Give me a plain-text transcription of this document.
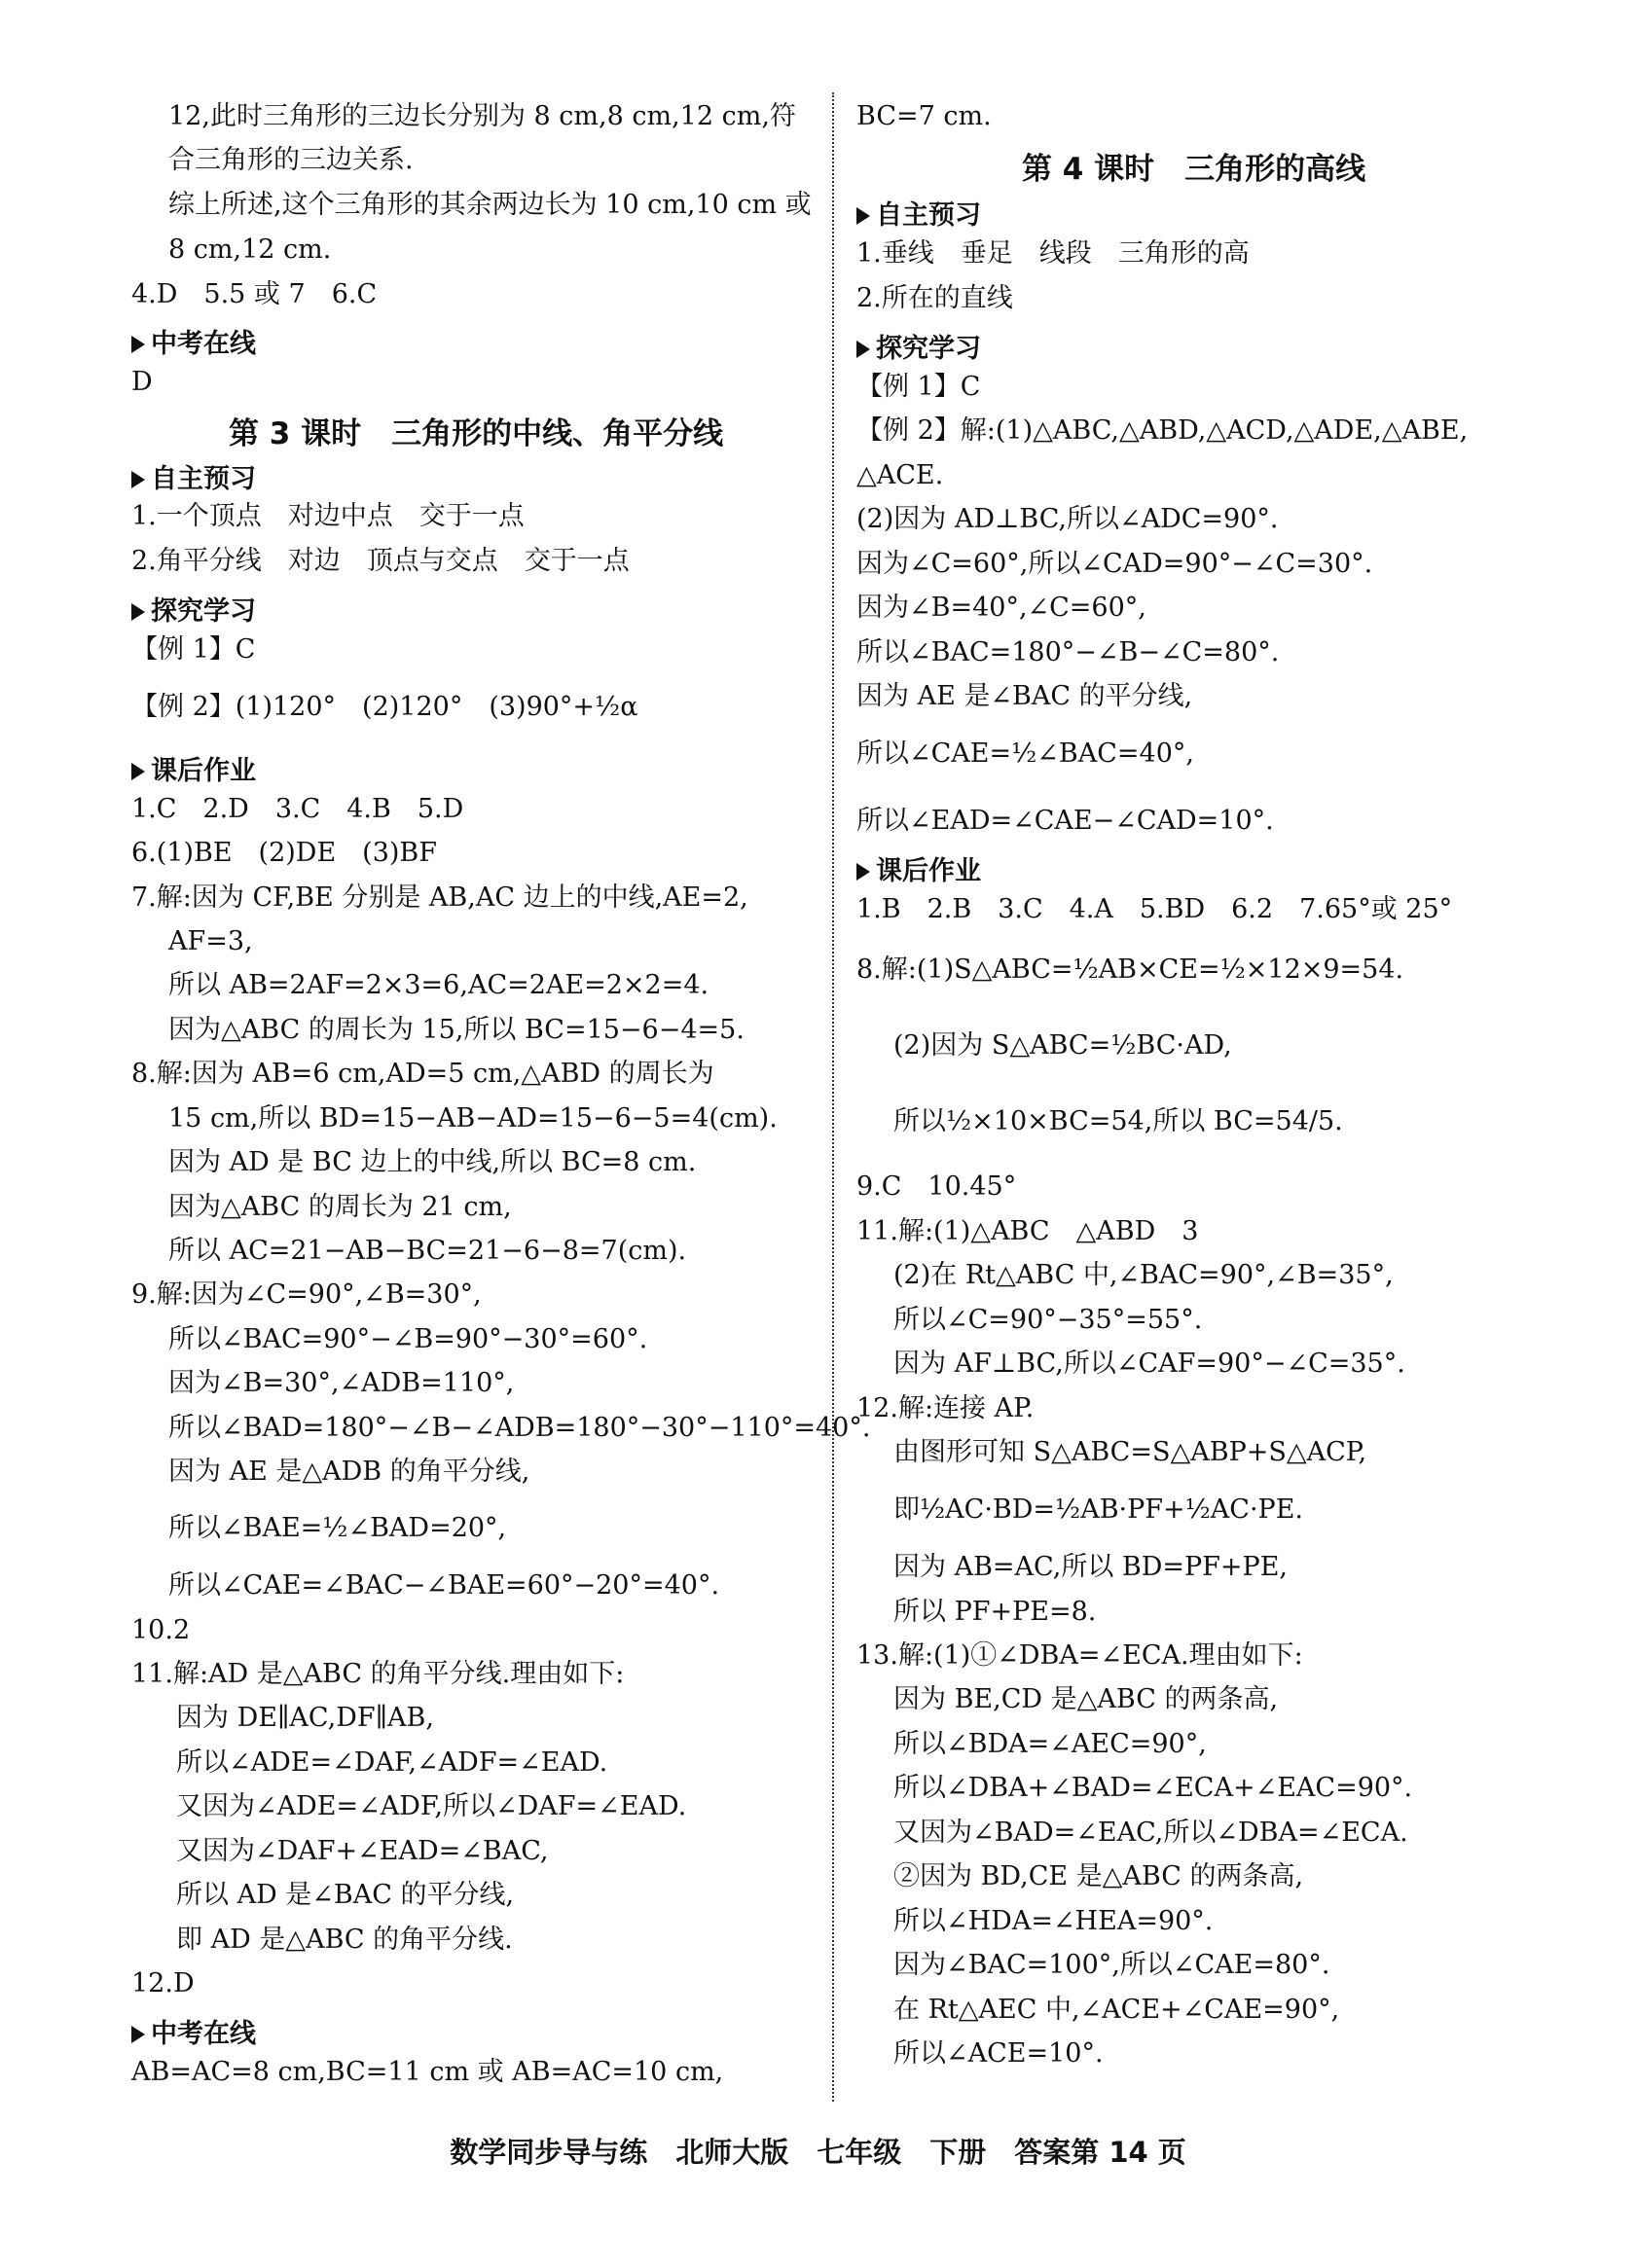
12,此时三角形的三边长分别为 8 cm,8 cm,12 cm,符
合三角形的三边关系.
综上所述,这个三角形的其余两边长为 10 cm,10 cm 或
8 cm,12 cm.
4.D　5.5 或 7　6.C
中考在线
D
第 3 课时　三角形的中线、角平分线
自主预习
1.一个顶点　对边中点　交于一点
2.角平分线　对边　顶点与交点　交于一点
探究学习
【例 1】C
【例 2】(1)120°　(2)120°　(3)90°+½α
课后作业
1.C　2.D　3.C　4.B　5.D
6.(1)BE　(2)DE　(3)BF
7.解:因为 CF,BE 分别是 AB,AC 边上的中线,AE=2,
AF=3,
所以 AB=2AF=2×3=6,AC=2AE=2×2=4.
因为△ABC 的周长为 15,所以 BC=15−6−4=5.
8.解:因为 AB=6 cm,AD=5 cm,△ABD 的周长为
15 cm,所以 BD=15−AB−AD=15−6−5=4(cm).
因为 AD 是 BC 边上的中线,所以 BC=8 cm.
因为△ABC 的周长为 21 cm,
所以 AC=21−AB−BC=21−6−8=7(cm).
9.解:因为∠C=90°,∠B=30°,
所以∠BAC=90°−∠B=90°−30°=60°.
因为∠B=30°,∠ADB=110°,
所以∠BAD=180°−∠B−∠ADB=180°−30°−110°=40°.
因为 AE 是△ADB 的角平分线,
所以∠BAE=½∠BAD=20°,
所以∠CAE=∠BAC−∠BAE=60°−20°=40°.
10.2
11.解:AD 是△ABC 的角平分线.理由如下:
因为 DE∥AC,DF∥AB,
所以∠ADE=∠DAF,∠ADF=∠EAD.
又因为∠ADE=∠ADF,所以∠DAF=∠EAD.
又因为∠DAF+∠EAD=∠BAC,
所以 AD 是∠BAC 的平分线,
即 AD 是△ABC 的角平分线.
12.D
中考在线
AB=AC=8 cm,BC=11 cm 或 AB=AC=10 cm,
BC=7 cm.
第 4 课时　三角形的高线
自主预习
1.垂线　垂足　线段　三角形的高
2.所在的直线
探究学习
【例 1】C
【例 2】解:(1)△ABC,△ABD,△ACD,△ADE,△ABE,
△ACE.
(2)因为 AD⊥BC,所以∠ADC=90°.
因为∠C=60°,所以∠CAD=90°−∠C=30°.
因为∠B=40°,∠C=60°,
所以∠BAC=180°−∠B−∠C=80°.
因为 AE 是∠BAC 的平分线,
所以∠CAE=½∠BAC=40°,
所以∠EAD=∠CAE−∠CAD=10°.
课后作业
1.B　2.B　3.C　4.A　5.BD　6.2　7.65°或 25°
8.解:(1)S△ABC=½AB×CE=½×12×9=54.
(2)因为 S△ABC=½BC·AD,
所以½×10×BC=54,所以 BC=54/5.
9.C　10.45°
11.解:(1)△ABC　△ABD　3
(2)在 Rt△ABC 中,∠BAC=90°,∠B=35°,
所以∠C=90°−35°=55°.
因为 AF⊥BC,所以∠CAF=90°−∠C=35°.
12.解:连接 AP.
由图形可知 S△ABC=S△ABP+S△ACP,
即½AC·BD=½AB·PF+½AC·PE.
因为 AB=AC,所以 BD=PF+PE,
所以 PF+PE=8.
13.解:(1)①∠DBA=∠ECA.理由如下:
因为 BE,CD 是△ABC 的两条高,
所以∠BDA=∠AEC=90°,
所以∠DBA+∠BAD=∠ECA+∠EAC=90°.
又因为∠BAD=∠EAC,所以∠DBA=∠ECA.
②因为 BD,CE 是△ABC 的两条高,
所以∠HDA=∠HEA=90°.
因为∠BAC=100°,所以∠CAE=80°.
在 Rt△AEC 中,∠ACE+∠CAE=90°,
所以∠ACE=10°.
数学同步导与练　北师大版　七年级　下册　答案第 14 页
